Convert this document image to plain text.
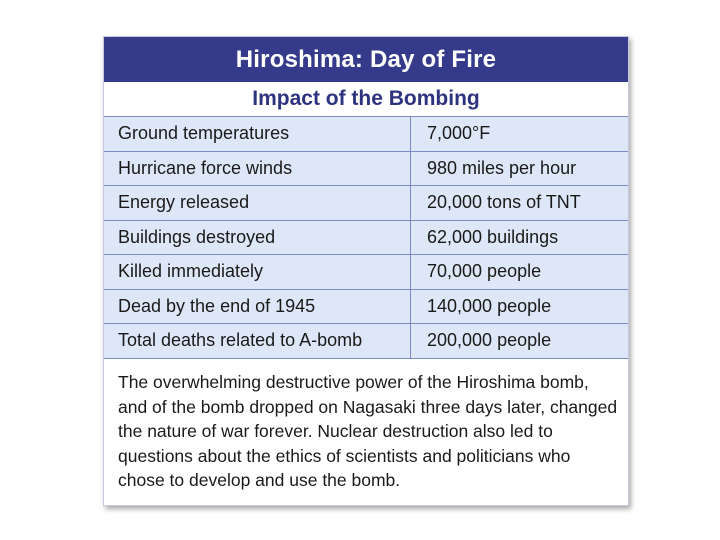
Hiroshima: Day of Fire
Impact of the Bombing
Ground temperatures	7,000°F
Hurricane force winds	980 miles per hour
Energy released	20,000 tons of TNT
Buildings destroyed	62,000 buildings
Killed immediately	70,000 people
Dead by the end of 1945	140,000 people
Total deaths related to A-bomb	200,000 people
The overwhelming destructive power of the Hiroshima bomb, and of the bomb dropped on Nagasaki three days later, changed the nature of war forever. Nuclear destruction also led to questions about the ethics of scientists and politicians who chose to develop and use the bomb.
